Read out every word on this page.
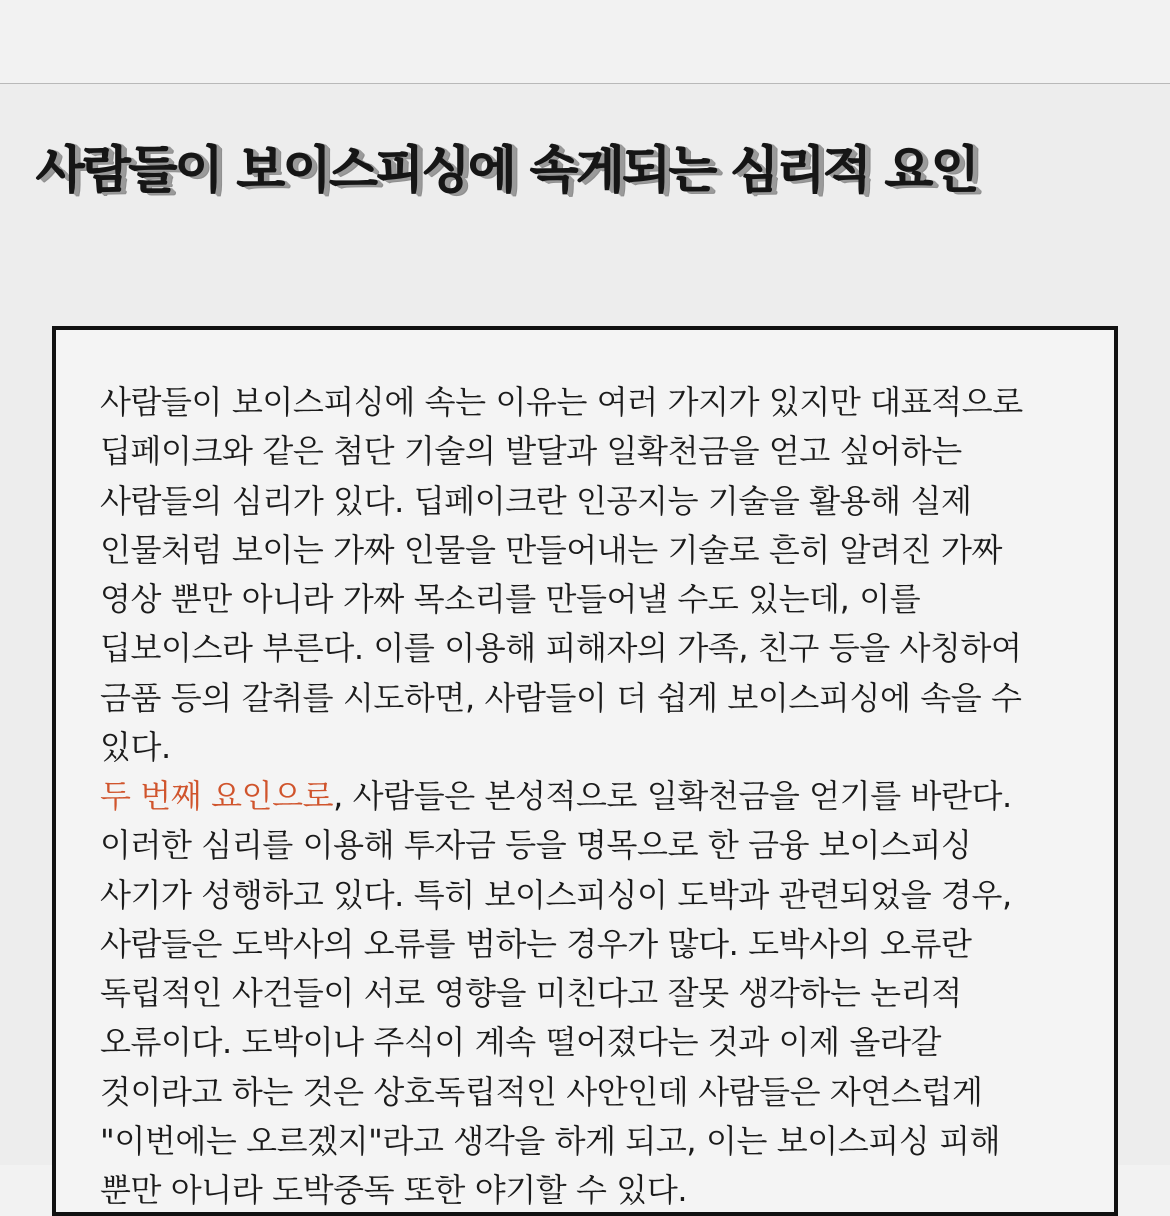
사람들이 보이스피싱에 속게되는 심리적 요인
사람들이 보이스피싱에 속는 이유는 여러 가지가 있지만 대표적으로 딥페이크와 같은 첨단 기술의 발달과 일확천금을 얻고 싶어하는 사람들의 심리가 있다. 딥페이크란 인공지능 기술을 활용해 실제 인물처럼 보이는 가짜 인물을 만들어내는 기술로 흔히 알려진 가짜 영상 뿐만 아니라 가짜 목소리를 만들어낼 수도 있는데, 이를 딥보이스라 부른다. 이를 이용해 피해자의 가족, 친구 등을 사칭하여 금품 등의 갈취를 시도하면, 사람들이 더 쉽게 보이스피싱에 속을 수 있다.
두 번째 요인으로, 사람들은 본성적으로 일확천금을 얻기를 바란다. 이러한 심리를 이용해 투자금 등을 명목으로 한 금융 보이스피싱 사기가 성행하고 있다. 특히 보이스피싱이 도박과 관련되었을 경우, 사람들은 도박사의 오류를 범하는 경우가 많다. 도박사의 오류란 독립적인 사건들이 서로 영향을 미친다고 잘못 생각하는 논리적 오류이다. 도박이나 주식이 계속 떨어졌다는 것과 이제 올라갈 것이라고 하는 것은 상호독립적인 사안인데 사람들은 자연스럽게 "이번에는 오르겠지"라고 생각을 하게 되고, 이는 보이스피싱 피해 뿐만 아니라 도박중독 또한 야기할 수 있다.
